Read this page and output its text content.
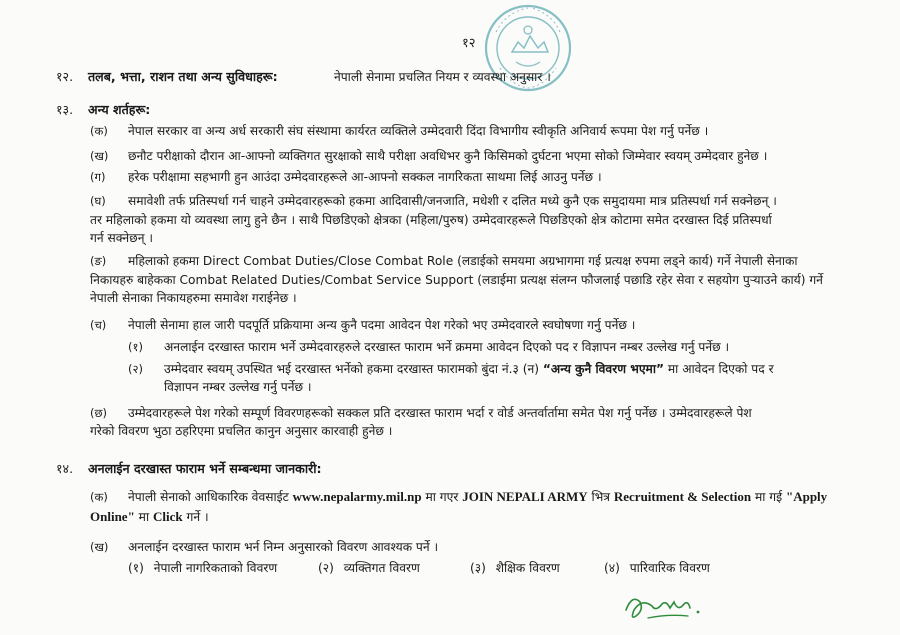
१२
१२. तलब, भत्ता, राशन तथा अन्य सुविधाहरू:	नेपाली सेनामा प्रचलित नियम र व्यवस्था अनुसार ।
१३. अन्य शर्तहरू:
(क) नेपाल सरकार वा अन्य अर्ध सरकारी संघ संस्थामा कार्यरत व्यक्तिले उम्मेदवारी दिंदा विभागीय स्वीकृति अनिवार्य रूपमा पेश गर्नु पर्नेछ ।
(ख) छनौट परीक्षाको दौरान आ-आफ्नो व्यक्तिगत सुरक्षाको साथै परीक्षा अवधिभर कुनै किसिमको दुर्घटना भएमा सोको जिम्मेवार स्वयम् उम्मेदवार हुनेछ ।
(ग) हरेक परीक्षामा सहभागी हुन आउंदा उम्मेदवारहरूले आ-आफ्नो सक्कल नागरिकता साथमा लिई आउनु पर्नेछ ।
(घ) समावेशी तर्फ प्रतिस्पर्धा गर्न चाहने उम्मेदवारहरूको हकमा आदिवासी/जनजाति, मधेशी र दलित मध्ये कुनै एक समुदायमा मात्र प्रतिस्पर्धा गर्न सक्नेछन् ।
तर महिलाको हकमा यो व्यवस्था लागु हुने छैन । साथै पिछडिएको क्षेत्रका (महिला/पुरुष) उम्मेदवारहरूले पिछडिएको क्षेत्र कोटामा समेत दरखास्त दिई प्रतिस्पर्धा
गर्न सक्नेछन् ।
(ङ) महिलाको हकमा Direct Combat Duties/Close Combat Role (लडाईको समयमा अग्रभागमा गई प्रत्यक्ष रुपमा लड्ने कार्य) गर्ने नेपाली सेनाका
निकायहरु बाहेकका Combat Related Duties/Combat Service Support (लडाईमा प्रत्यक्ष संलग्न फौजलाई पछाडि रहेर सेवा र सहयोग पुऱ्याउने कार्य) गर्ने
नेपाली सेनाका निकायहरुमा समावेश गराईनेछ ।
(च) नेपाली सेनामा हाल जारी पदपूर्ति प्रक्रियामा अन्य कुनै पदमा आवेदन पेश गरेको भए उम्मेदवारले स्वघोषणा गर्नु पर्नेछ ।
(१) अनलाईन दरखास्त फाराम भर्ने उम्मेदवारहरुले दरखास्त फाराम भर्ने क्रममा आवेदन दिएको पद र विज्ञापन नम्बर उल्लेख गर्नु पर्नेछ ।
(२) उम्मेदवार स्वयम् उपस्थित भई दरखास्त भर्नेको हकमा दरखास्त फारामको बुंदा नं.३ (न) “अन्य कुनै विवरण भएमा” मा आवेदन दिएको पद र
विज्ञापन नम्बर उल्लेख गर्नु पर्नेछ ।
(छ) उम्मेदवारहरूले पेश गरेको सम्पूर्ण विवरणहरूको सक्कल प्रति दरखास्त फाराम भर्दा र वोर्ड अन्तर्वार्तामा समेत पेश गर्नु पर्नेछ । उम्मेदवारहरूले पेश
गरेको विवरण भुठा ठहरिएमा प्रचलित कानुन अनुसार कारवाही हुनेछ ।
१४. अनलाईन दरखास्त फाराम भर्ने सम्बन्धमा जानकारी:
(क) नेपाली सेनाको आधिकारिक वेवसाईट www.nepalarmy.mil.np मा गएर JOIN NEPALI ARMY भित्र Recruitment & Selection मा गई "Apply
Online" मा Click गर्ने ।
(ख) अनलाईन दरखास्त फाराम भर्न निम्न अनुसारको विवरण आवश्यक पर्ने ।
(१) नेपाली नागरिकताको विवरण	(२) व्यक्तिगत विवरण	(३) शैक्षिक विवरण	(४) पारिवारिक विवरण
